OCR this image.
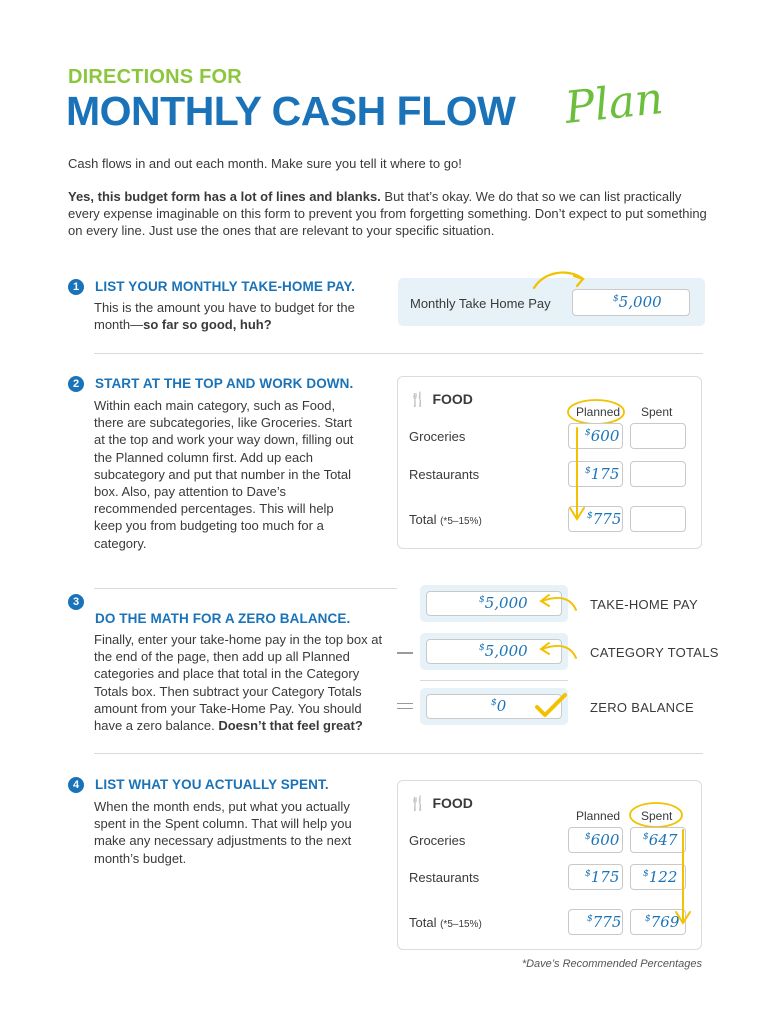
DIRECTIONS FOR
MONTHLY CASH FLOW Plan
Cash flows in and out each month. Make sure you tell it where to go!
Yes, this budget form has a lot of lines and blanks. But that’s okay. We do that so we can list practically every expense imaginable on this form to prevent you from forgetting something. Don’t expect to put something on every line. Just use the ones that are relevant to your specific situation.
1	LIST YOUR MONTHLY TAKE-HOME PAY.
This is the amount you have to budget for the month—so far so good, huh?
Monthly Take Home Pay	$5,000
2	START AT THE TOP AND WORK DOWN.
Within each main category, such as Food, there are subcategories, like Groceries. Start at the top and work your way down, filling out the Planned column first. Add up each subcategory and put that number in the Total box. Also, pay attention to Dave’s recommended percentages. This will help keep you from budgeting too much for a category.
🍴 FOOD
Planned Spent
Groceries	$600
Restaurants	$175
Total (*5–15%)	$775
3
DO THE MATH FOR A ZERO BALANCE.
Finally, enter your take-home pay in the top box at the end of the page, then add up all Planned categories and place that total in the Category Totals box. Then subtract your Category Totals amount from your Take-Home Pay. You should have a zero balance. Doesn’t that feel great?
$5,000	TAKE-HOME PAY
$5,000	CATEGORY TOTALS
$0	ZERO BALANCE
4	LIST WHAT YOU ACTUALLY SPENT.
When the month ends, put what you actually spent in the Spent column. That will help you make any necessary adjustments to the next month’s budget.
🍴 FOOD
Planned Spent
Groceries	$600	$647
Restaurants	$175	$122
Total (*5–15%)	$775	$769
*Dave’s Recommended Percentages
